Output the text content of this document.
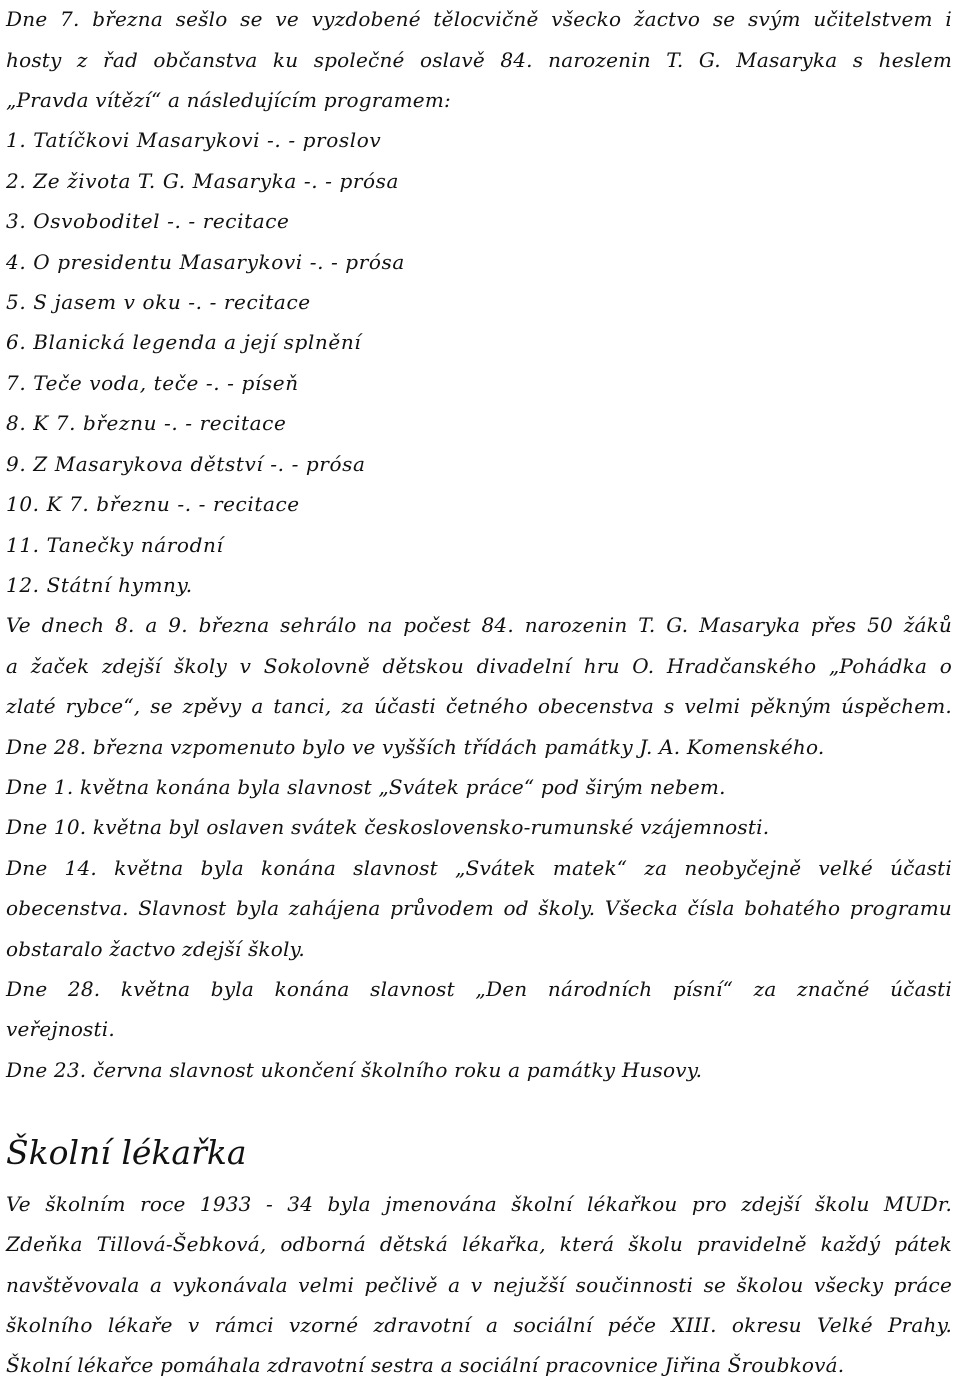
Dne 7. března sešlo se ve vyzdobené tělocvičně všecko žactvo se svým učitelstvem i
hosty z řad občanstva ku společné oslavě 84. narozenin T. G. Masaryka s heslem
„Pravda vítězí“ a následujícím programem:
1. Tatíčkovi Masarykovi -. - proslov
2. Ze života T. G. Masaryka -. - prósa
3. Osvoboditel -. - recitace
4. O presidentu Masarykovi -. - prósa
5. S jasem v oku -. - recitace
6. Blanická legenda a její splnění
7. Teče voda, teče -. - píseň
8. K 7. březnu -. - recitace
9. Z Masarykova dětství -. - prósa
10. K 7. březnu -. - recitace
11. Tanečky národní
12. Státní hymny.
Ve dnech 8. a 9. března sehrálo na počest 84. narozenin T. G. Masaryka přes 50 žáků
a žaček zdejší školy v Sokolovně dětskou divadelní hru O. Hradčanského „Pohádka o
zlaté rybce“, se zpěvy a tanci, za účasti četného obecenstva s velmi pěkným úspěchem.
Dne 28. března vzpomenuto bylo ve vyšších třídách památky J. A. Komenského.
Dne 1. května konána byla slavnost „Svátek práce“ pod širým nebem.
Dne 10. května byl oslaven svátek československo-rumunské vzájemnosti.
Dne 14. května byla konána slavnost „Svátek matek“ za neobyčejně velké účasti
obecenstva. Slavnost byla zahájena průvodem od školy. Všecka čísla bohatého programu
obstaralo žactvo zdejší školy.
Dne 28. května byla konána slavnost „Den národních písní“ za značné účasti
veřejnosti.
Dne 23. června slavnost ukončení školního roku a památky Husovy.
Školní lékařka
Ve školním roce 1933 - 34 byla jmenována školní lékařkou pro zdejší školu MUDr.
Zdeňka Tillová-Šebková, odborná dětská lékařka, která školu pravidelně každý pátek
navštěvovala a vykonávala velmi pečlivě a v nejužší součinnosti se školou všecky práce
školního lékaře v rámci vzorné zdravotní a sociální péče XIII. okresu Velké Prahy.
Školní lékařce pomáhala zdravotní sestra a sociální pracovnice Jiřina Šroubková.
